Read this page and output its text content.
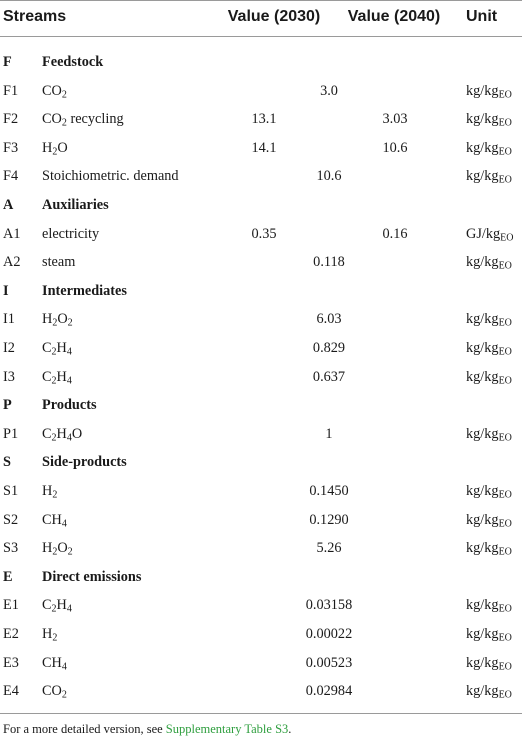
Streams	Value (2030) Value (2040) Unit
F Feedstock
F1 $CO_2$	3.0	$kg/kg_{EO}$
F2 $CO_2$ recycling	13.1	3.03	$kg/kg_{EO}$
F3 $H_2O$	14.1	10.6	$kg/kg_{EO}$
F4 Stoichiometric. demand	10.6	$kg/kg_{EO}$
A Auxiliaries
A1 electricity	0.35	0.16	$GJ/kg_{EO}$
A2 steam	0.118	$kg/kg_{EO}$
I Intermediates
I1 $H_2O_2$	6.03	$kg/kg_{EO}$
I2 $C_2H_4$	0.829	$kg/kg_{EO}$
I3 $C_2H_4$	0.637	$kg/kg_{EO}$
P Products
P1 $C_2H_4O$	1	$kg/kg_{EO}$
S Side-products
S1 $H_2$	0.1450	$kg/kg_{EO}$
S2 $CH_4$	0.1290	$kg/kg_{EO}$
S3 $H_2O_2$	5.26	$kg/kg_{EO}$
E Direct emissions
E1 $C_2H_4$	0.03158	$kg/kg_{EO}$
E2 $H_2$	0.00022	$kg/kg_{EO}$
E3 $CH_4$	0.00523	$kg/kg_{EO}$
E4 $CO_2$	0.02984	$kg/kg_{EO}$
For a more detailed version, see Supplementary Table S3.
